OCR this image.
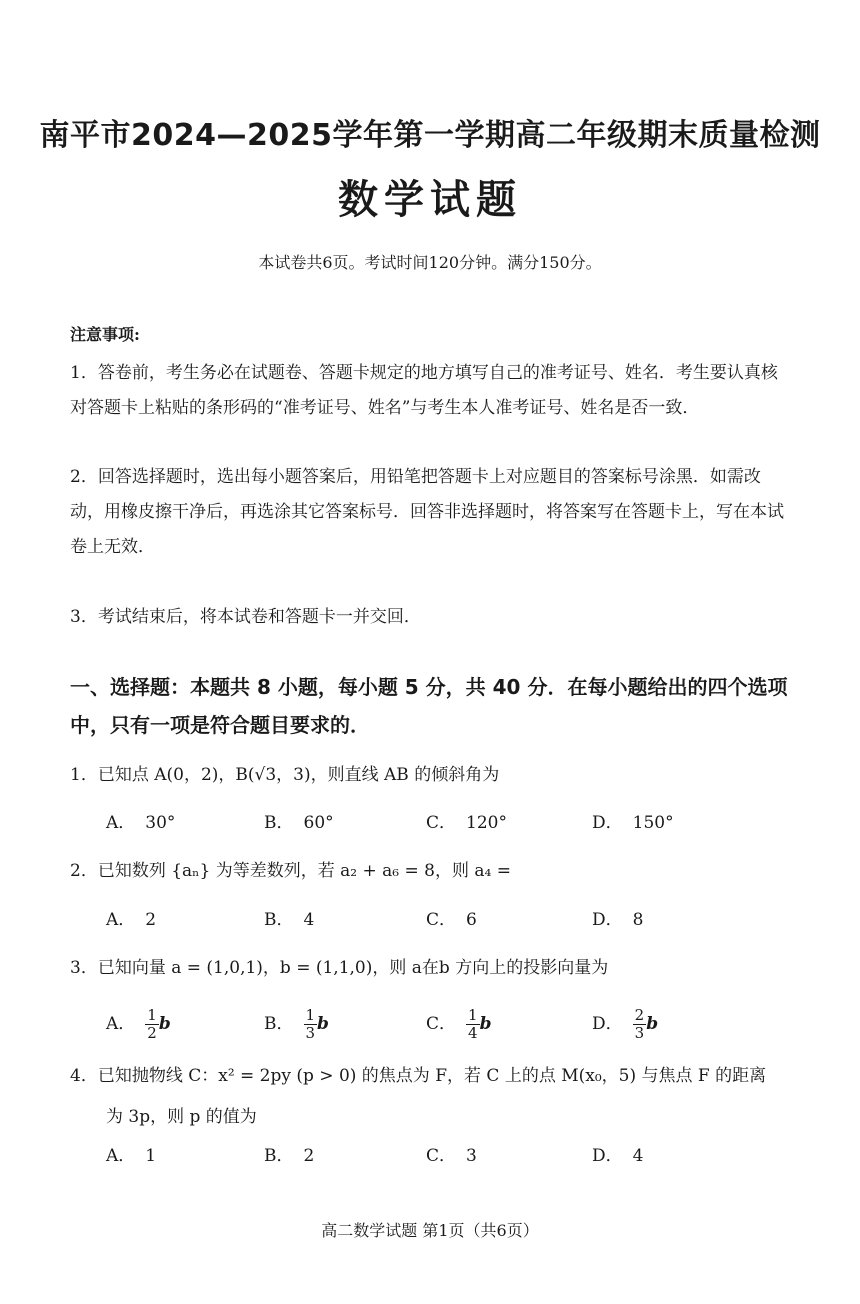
南平市2024—2025学年第一学期高二年级期末质量检测
数学试题
本试卷共6页。考试时间120分钟。满分150分。
注意事项:
1．答卷前，考生务必在试题卷、答题卡规定的地方填写自己的准考证号、姓名．考生要认真核对答题卡上粘贴的条形码的“准考证号、姓名”与考生本人准考证号、姓名是否一致．
2．回答选择题时，选出每小题答案后，用铅笔把答题卡上对应题目的答案标号涂黑．如需改动，用橡皮擦干净后，再选涂其它答案标号．回答非选择题时，将答案写在答题卡上，写在本试卷上无效．
3．考试结束后，将本试卷和答题卡一并交回．
一、选择题：本题共 8 小题，每小题 5 分，共 40 分．在每小题给出的四个选项中，只有一项是符合题目要求的．
1．已知点 A(0，2)，B(√3，3)，则直线 AB 的倾斜角为
A． 30°	B． 60°	C． 120°	D． 150°
2．已知数列 {aₙ} 为等差数列，若 a₂ + a₆ = 8，则 a₄ =
A． 2	B． 4	C． 6	D． 8
3．已知向量 a = (1,0,1)，b = (1,1,0)，则 a在b 方向上的投影向量为
A． $\frac{1}{2}$ b	B． $\frac{1}{3}$ b	C． $\frac{1}{4}$ b	D． $\frac{2}{3}$ b
4．已知抛物线 C：x² = 2py (p > 0) 的焦点为 F，若 C 上的点 M(x₀，5) 与焦点 F 的距离
为 3p，则 p 的值为
A． 1	B． 2	C． 3	D． 4
高二数学试题 第1页（共6页）
